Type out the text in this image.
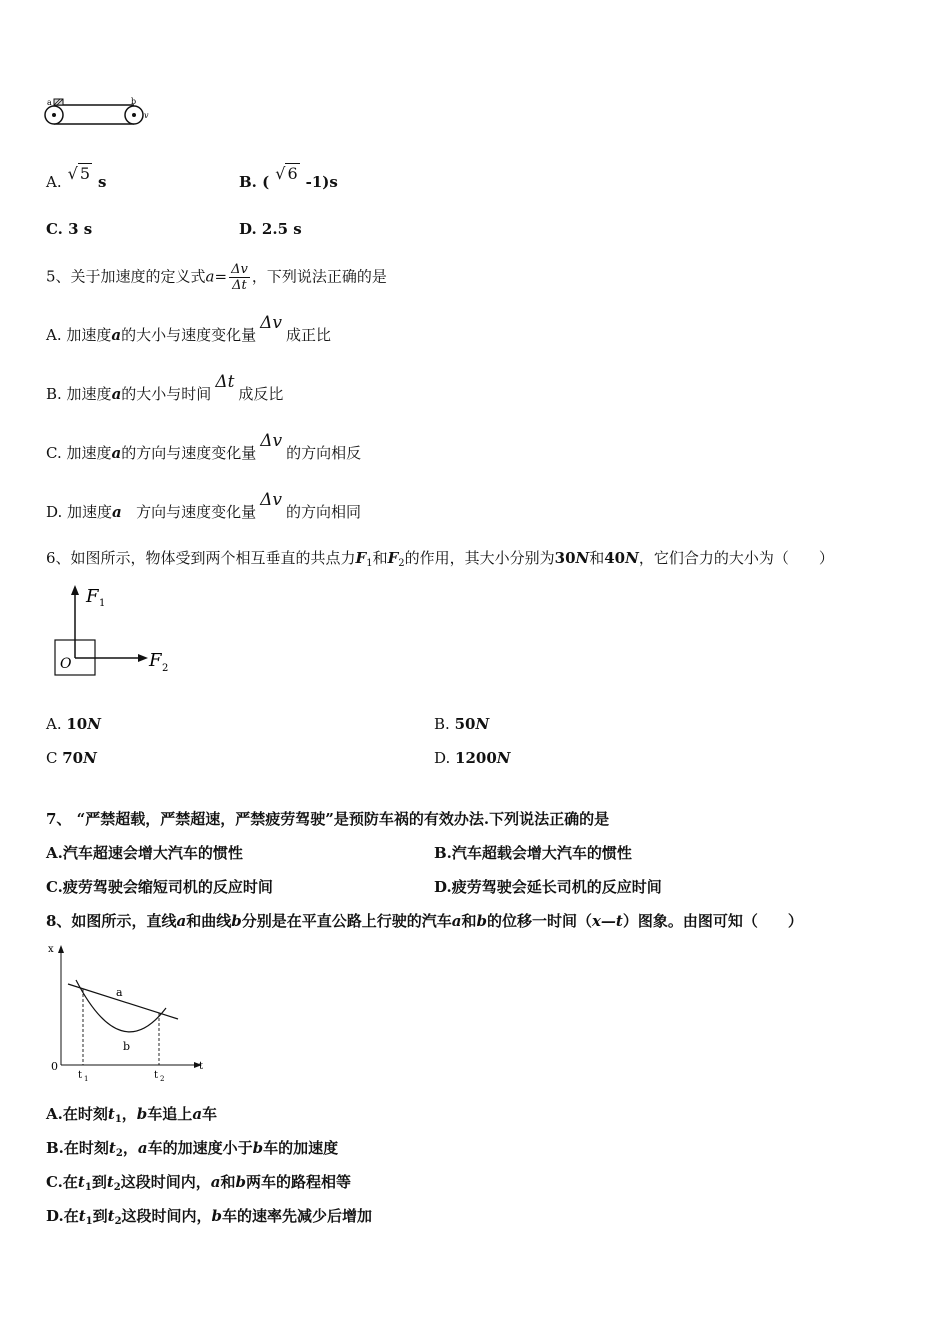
a	b
v
A. √ 5 s	B. ( √ 6 -1)s
C. 3 s	D. 2.5 s
5、关于加速度的定义式$a= \frac{\Delta v}{\Delta t}$ ，下列说法正确的是
A. 加速度a的大小与速度变化量Δv成正比
B. 加速度a的大小与时间Δt成反比
C. 加速度a的方向与速度变化量Δv的方向相反
D. 加速度a 方向与速度变化量Δv的方向相同
6、如图所示，物体受到两个相互垂直的共点力$F_1$和$F_2$的作用，其大小分别为30N和40N，它们合力的大小为（　　）
F 1
F 2
O
A. 10N	B. 50N
C 70N	D. 1200N
7、 “严禁超载，严禁超速，严禁疲劳驾驶”是预防车祸的有效办法.下列说法正确的是
A.汽车超速会增大汽车的惯性	B.汽车超载会增大汽车的惯性
C.疲劳驾驶会缩短司机的反应时间	D.疲劳驾驶会延长司机的反应时间
8、如图所示，直线a和曲线b分别是在平直公路上行驶的汽车a和b的位移一时间（x—t）图象。由图可知（　　）
x
t
0
a
b
t 1	t 2
A.在时刻$t_1$，b车追上a车
B.在时刻$t_2$，a车的加速度小于b车的加速度
C.在$t_1$到$t_2$这段时间内，a和b两车的路程相等
D.在$t_1$到$t_2$这段时间内，b车的速率先减少后增加
